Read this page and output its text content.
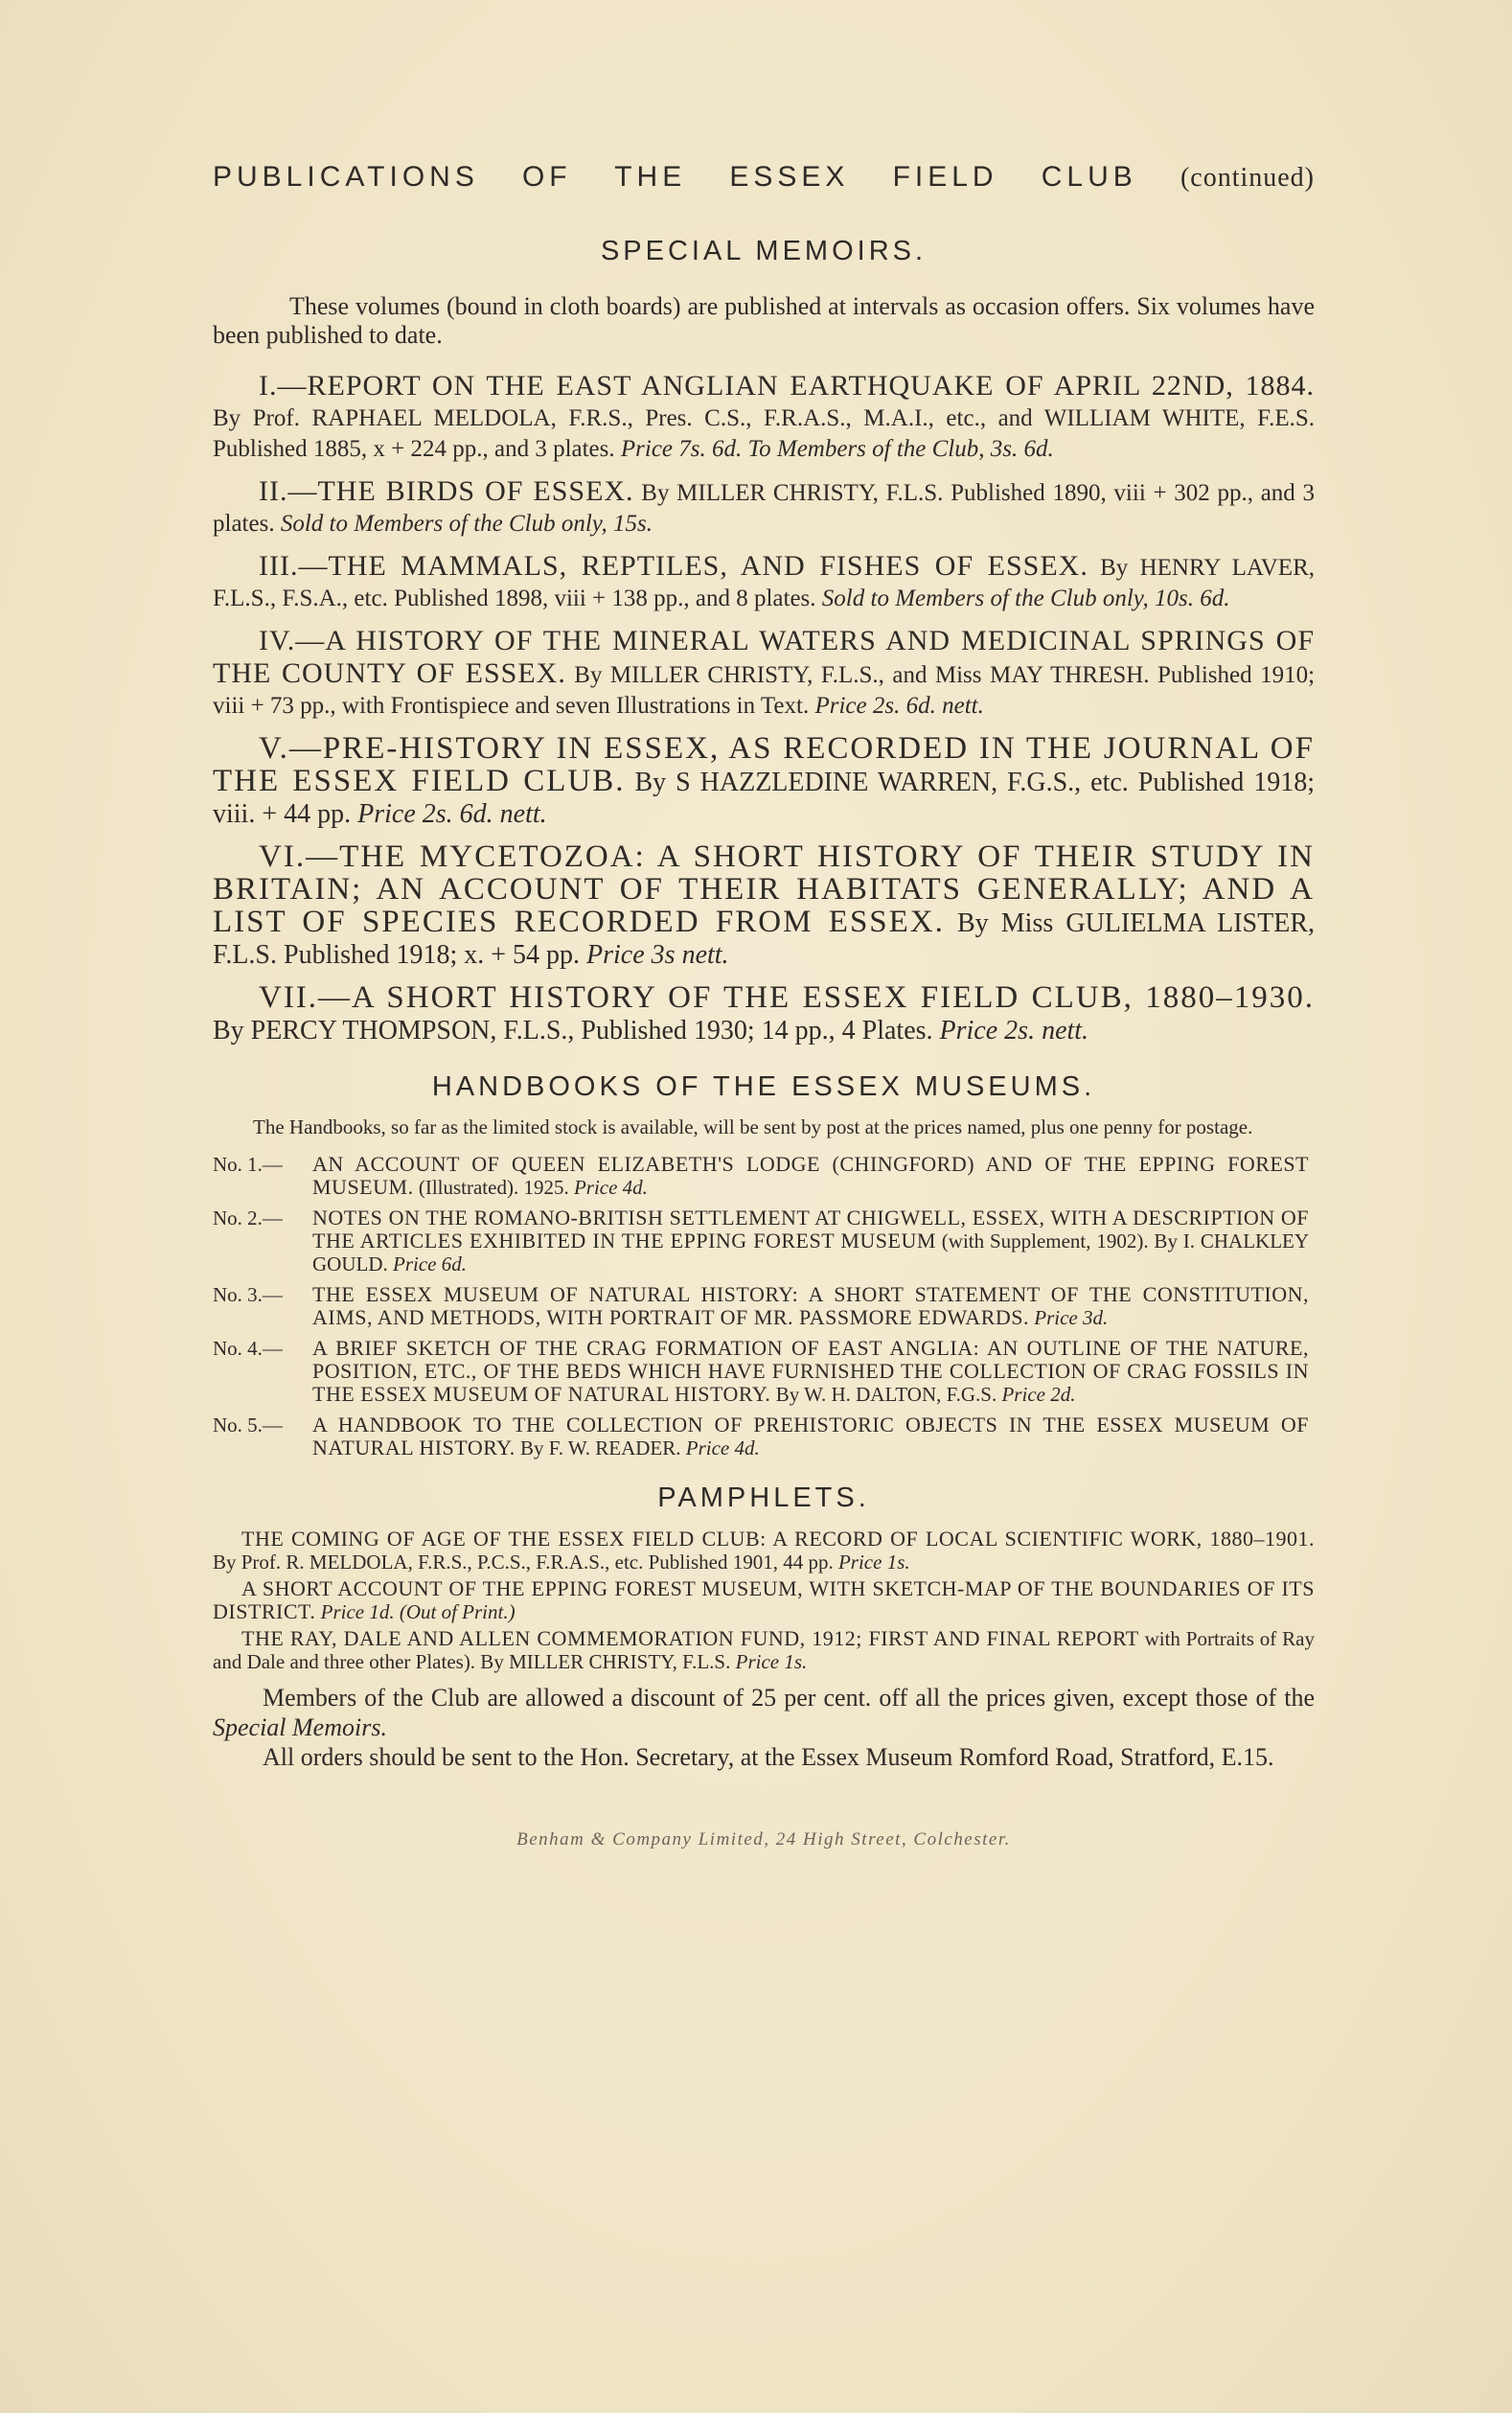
PUBLICATIONS OF THE ESSEX FIELD CLUB (continued)
SPECIAL MEMOIRS.

These volumes (bound in cloth boards) are published at intervals as occasion offers. Six volumes have been published to date.

I.—REPORT ON THE EAST ANGLIAN EARTHQUAKE OF APRIL 22ND, 1884. By Prof. RAPHAEL MELDOLA, F.R.S., Pres. C.S., F.R.A.S., M.A.I., etc., and WILLIAM WHITE, F.E.S. Published 1885, x + 224 pp., and 3 plates. Price 7s. 6d. To Members of the Club, 3s. 6d.

II.—THE BIRDS OF ESSEX. By MILLER CHRISTY, F.L.S. Published 1890, viii + 302 pp., and 3 plates. Sold to Members of the Club only, 15s.

III.—THE MAMMALS, REPTILES, AND FISHES OF ESSEX. By HENRY LAVER, F.L.S., F.S.A., etc. Published 1898, viii + 138 pp., and 8 plates. Sold to Members of the Club only, 10s. 6d.

IV.—A HISTORY OF THE MINERAL WATERS AND MEDICINAL SPRINGS OF THE COUNTY OF ESSEX. By MILLER CHRISTY, F.L.S., and Miss MAY THRESH. Published 1910; viii + 73 pp., with Frontispiece and seven Illustrations in Text. Price 2s. 6d. nett.

V.—PRE-HISTORY IN ESSEX, AS RECORDED IN THE JOURNAL OF THE ESSEX FIELD CLUB. By S HAZZLEDINE WARREN, F.G.S., etc. Published 1918; viii. + 44 pp. Price 2s. 6d. nett.

VI.—THE MYCETOZOA: A SHORT HISTORY OF THEIR STUDY IN BRITAIN; AN ACCOUNT OF THEIR HABITATS GENERALLY; AND A LIST OF SPECIES RECORDED FROM ESSEX. By Miss GULIELMA LISTER, F.L.S. Published 1918; x. + 54 pp. Price 3s nett.

VII.—A SHORT HISTORY OF THE ESSEX FIELD CLUB, 1880–1930. By PERCY THOMPSON, F.L.S., Published 1930; 14 pp., 4 Plates. Price 2s. nett.

HANDBOOKS OF THE ESSEX MUSEUMS.

The Handbooks, so far as the limited stock is available, will be sent by post at the prices named, plus one penny for postage.

No. 1.—	AN ACCOUNT OF QUEEN ELIZABETH'S LODGE (CHINGFORD) AND OF THE EPPING FOREST MUSEUM. (Illustrated). 1925. Price 4d.
No. 2.—	NOTES ON THE ROMANO-BRITISH SETTLEMENT AT CHIGWELL, ESSEX, WITH A DESCRIPTION OF THE ARTICLES EXHIBITED IN THE EPPING FOREST MUSEUM (with Supplement, 1902). By I. CHALKLEY GOULD. Price 6d.
No. 3.—	THE ESSEX MUSEUM OF NATURAL HISTORY: A SHORT STATEMENT OF THE CONSTITUTION, AIMS, AND METHODS, WITH PORTRAIT OF MR. PASSMORE EDWARDS. Price 3d.
No. 4.—	A BRIEF SKETCH OF THE CRAG FORMATION OF EAST ANGLIA: AN OUTLINE OF THE NATURE, POSITION, ETC., OF THE BEDS WHICH HAVE FURNISHED THE COLLECTION OF CRAG FOSSILS IN THE ESSEX MUSEUM OF NATURAL HISTORY. By W. H. DALTON, F.G.S. Price 2d.
No. 5.—	A HANDBOOK TO THE COLLECTION OF PREHISTORIC OBJECTS IN THE ESSEX MUSEUM OF NATURAL HISTORY. By F. W. READER. Price 4d.
PAMPHLETS.

THE COMING OF AGE OF THE ESSEX FIELD CLUB: A RECORD OF LOCAL SCIENTIFIC WORK, 1880–1901. By Prof. R. MELDOLA, F.R.S., P.C.S., F.R.A.S., etc. Published 1901, 44 pp. Price 1s.

A SHORT ACCOUNT OF THE EPPING FOREST MUSEUM, WITH SKETCH-MAP OF THE BOUNDARIES OF ITS DISTRICT. Price 1d. (Out of Print.)

THE RAY, DALE AND ALLEN COMMEMORATION FUND, 1912; FIRST AND FINAL REPORT with Portraits of Ray and Dale and three other Plates). By MILLER CHRISTY, F.L.S. Price 1s.

Members of the Club are allowed a discount of 25 per cent. off all the prices given, except those of the Special Memoirs.

All orders should be sent to the Hon. Secretary, at the Essex Museum Romford Road, Stratford, E.15.

Benham & Company Limited, 24 High Street, Colchester.
